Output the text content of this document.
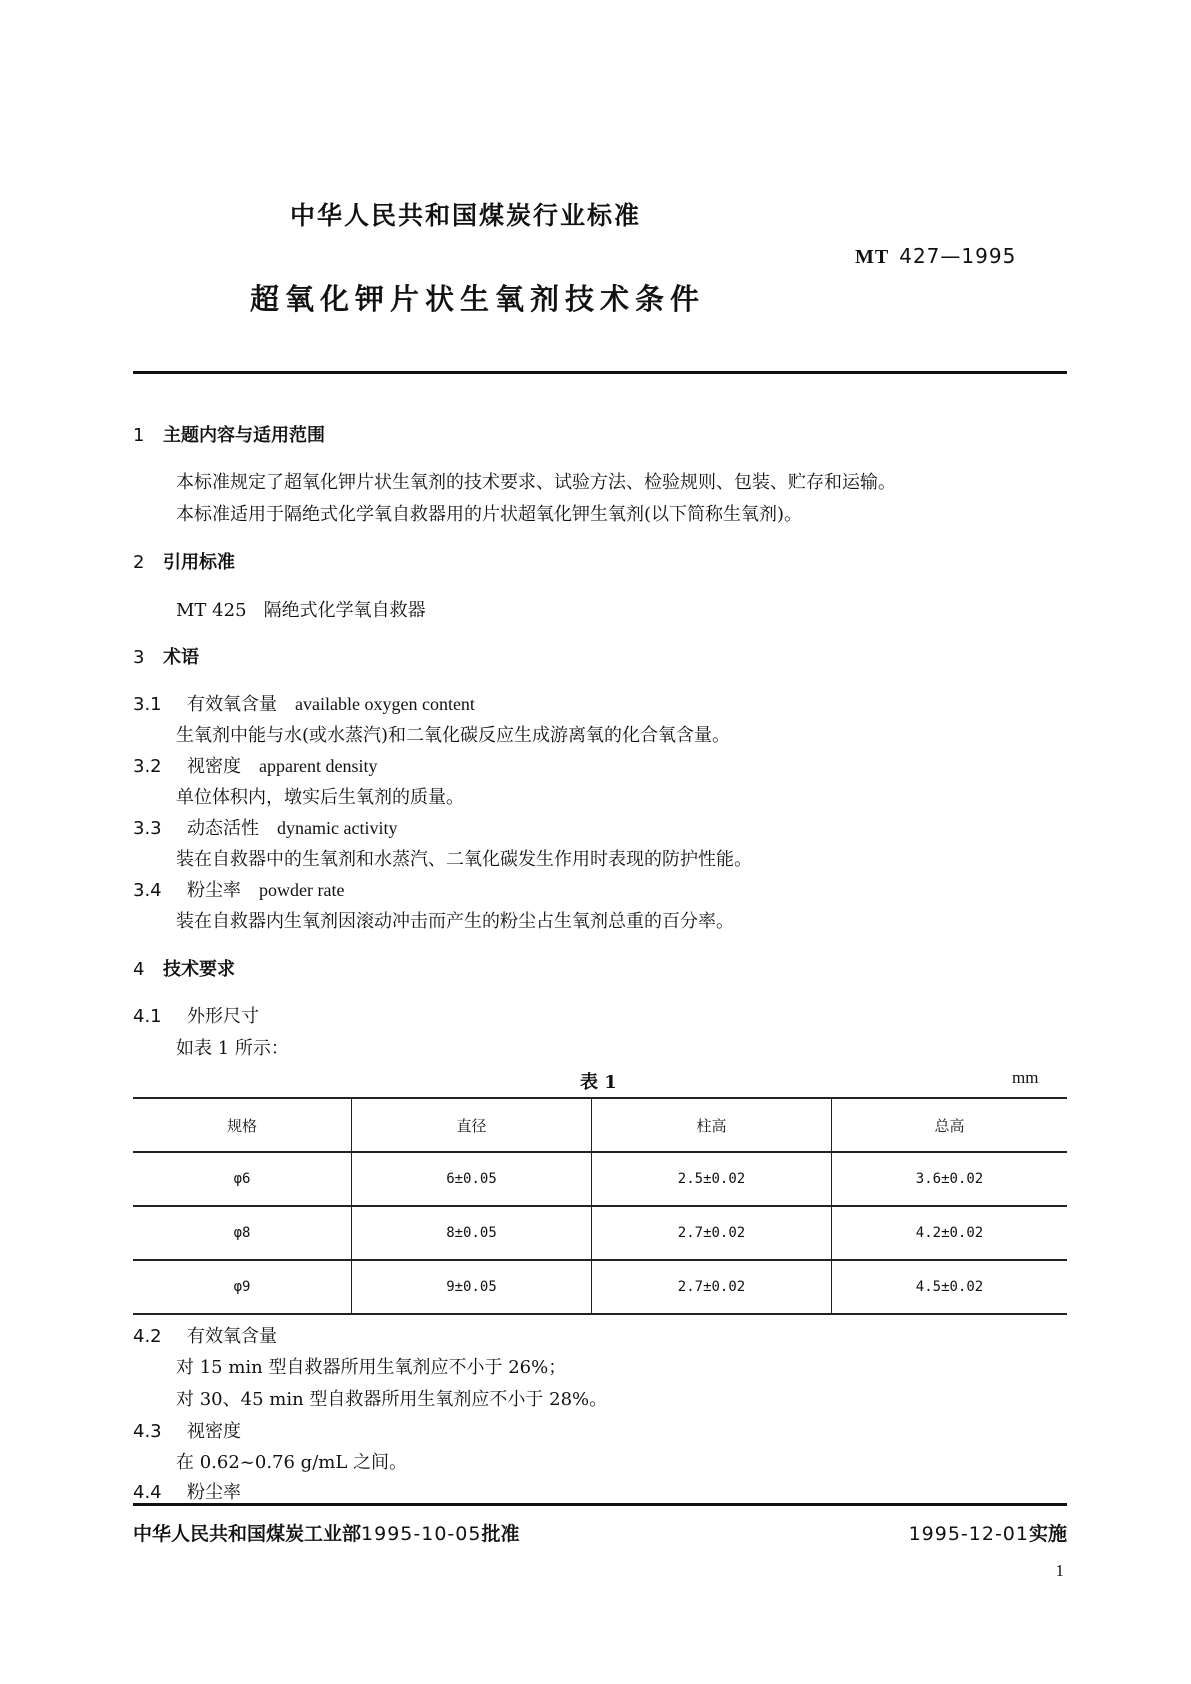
中华人民共和国煤炭行业标准
MT 427—1995
超氧化钾片状生氧剂技术条件
1 主题内容与适用范围
本标准规定了超氧化钾片状生氧剂的技术要求、试验方法、检验规则、包装、贮存和运输。
本标准适用于隔绝式化学氧自救器用的片状超氧化钾生氧剂(以下简称生氧剂)。
2 引用标准
MT 425   隔绝式化学氧自救器
3 术语
3.1 有效氧含量 available oxygen content
生氧剂中能与水(或水蒸汽)和二氧化碳反应生成游离氧的化合氧含量。
3.2 视密度 apparent density
单位体积内，墩实后生氧剂的质量。
3.3 动态活性 dynamic activity
装在自救器中的生氧剂和水蒸汽、二氧化碳发生作用时表现的防护性能。
3.4 粉尘率 powder rate
装在自救器内生氧剂因滚动冲击而产生的粉尘占生氧剂总重的百分率。
4 技术要求
4.1 外形尺寸
如表 1 所示：
表 1	mm
规格	直径	柱高	总高
φ6	6±0.05	2.5±0.02	3.6±0.02
φ8	8±0.05	2.7±0.02	4.2±0.02
φ9	9±0.05	2.7±0.02	4.5±0.02
4.2 有效氧含量
对 15 min 型自救器所用生氧剂应不小于 26%；
对 30、45 min 型自救器所用生氧剂应不小于 28%。
4.3 视密度
在 0.62~0.76 g/mL 之间。
4.4 粉尘率
中华人民共和国煤炭工业部1995-10-05批准	1995-12-01实施
1
